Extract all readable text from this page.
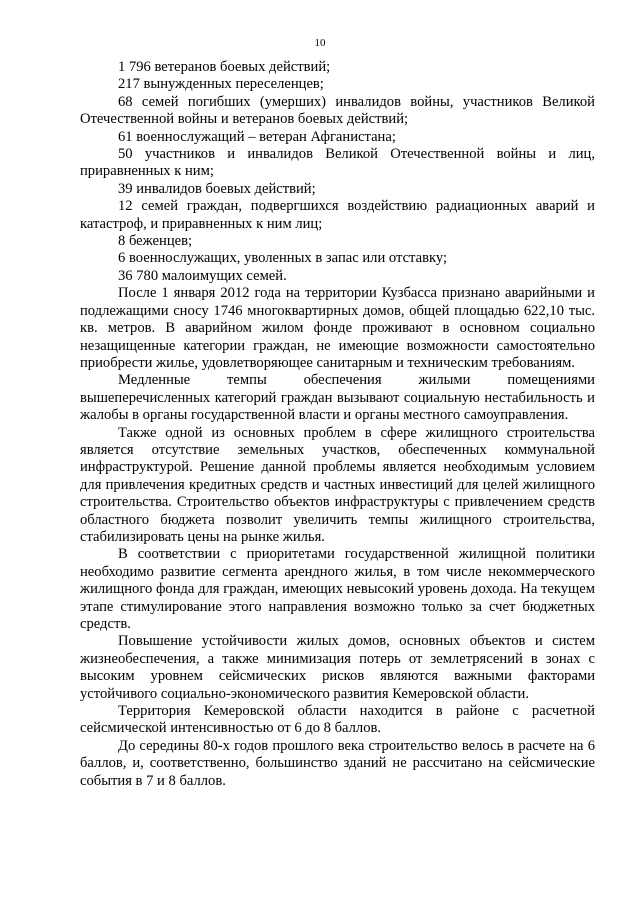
10

1 796 ветеранов боевых действий;

217 вынужденных переселенцев;

68 семей погибших (умерших) инвалидов войны, участников Великой Отечественной войны и ветеранов боевых действий;

61 военнослужащий – ветеран Афганистана;

50 участников и инвалидов Великой Отечественной войны и лиц, приравненных к ним;

39 инвалидов боевых действий;

12 семей граждан, подвергшихся воздействию радиационных аварий и катастроф, и приравненных к ним лиц;

8 беженцев;

6 военнослужащих, уволенных в запас или отставку;

36 780 малоимущих семей.

После 1 января 2012 года на территории Кузбасса признано аварийными и подлежащими сносу 1746 многоквартирных домов, общей площадью 622,10 тыс. кв. метров. В аварийном жилом фонде проживают в основном социально незащищенные категории граждан, не имеющие возможности самостоятельно приобрести жилье, удовлетворяющее санитарным и техническим требованиям.

Медленные темпы обеспечения жилыми помещениями вышеперечисленных категорий граждан вызывают социальную нестабильность и жалобы в органы государственной власти и органы местного самоуправления.

Также одной из основных проблем в сфере жилищного строительства является отсутствие земельных участков, обеспеченных коммунальной инфраструктурой. Решение данной проблемы является необходимым условием для привлечения кредитных средств и частных инвестиций для целей жилищного строительства. Строительство объектов инфраструктуры с привлечением средств областного бюджета позволит увеличить темпы жилищного строительства, стабилизировать цены на рынке жилья.

В соответствии с приоритетами государственной жилищной политики необходимо развитие сегмента арендного жилья, в том числе некоммерческого жилищного фонда для граждан, имеющих невысокий уровень дохода. На текущем этапе стимулирование этого направления возможно только за счет бюджетных средств.

Повышение устойчивости жилых домов, основных объектов и систем жизнеобеспечения, а также минимизация потерь от землетрясений в зонах с высоким уровнем сейсмических рисков являются важными факторами устойчивого социально-экономического развития Кемеровской области.

Территория Кемеровской области находится в районе с расчетной сейсмической интенсивностью от 6 до 8 баллов.

До середины 80-х годов прошлого века строительство велось в расчете на 6 баллов, и, соответственно, большинство зданий не рассчитано на сейсмические события в 7 и 8 баллов.
